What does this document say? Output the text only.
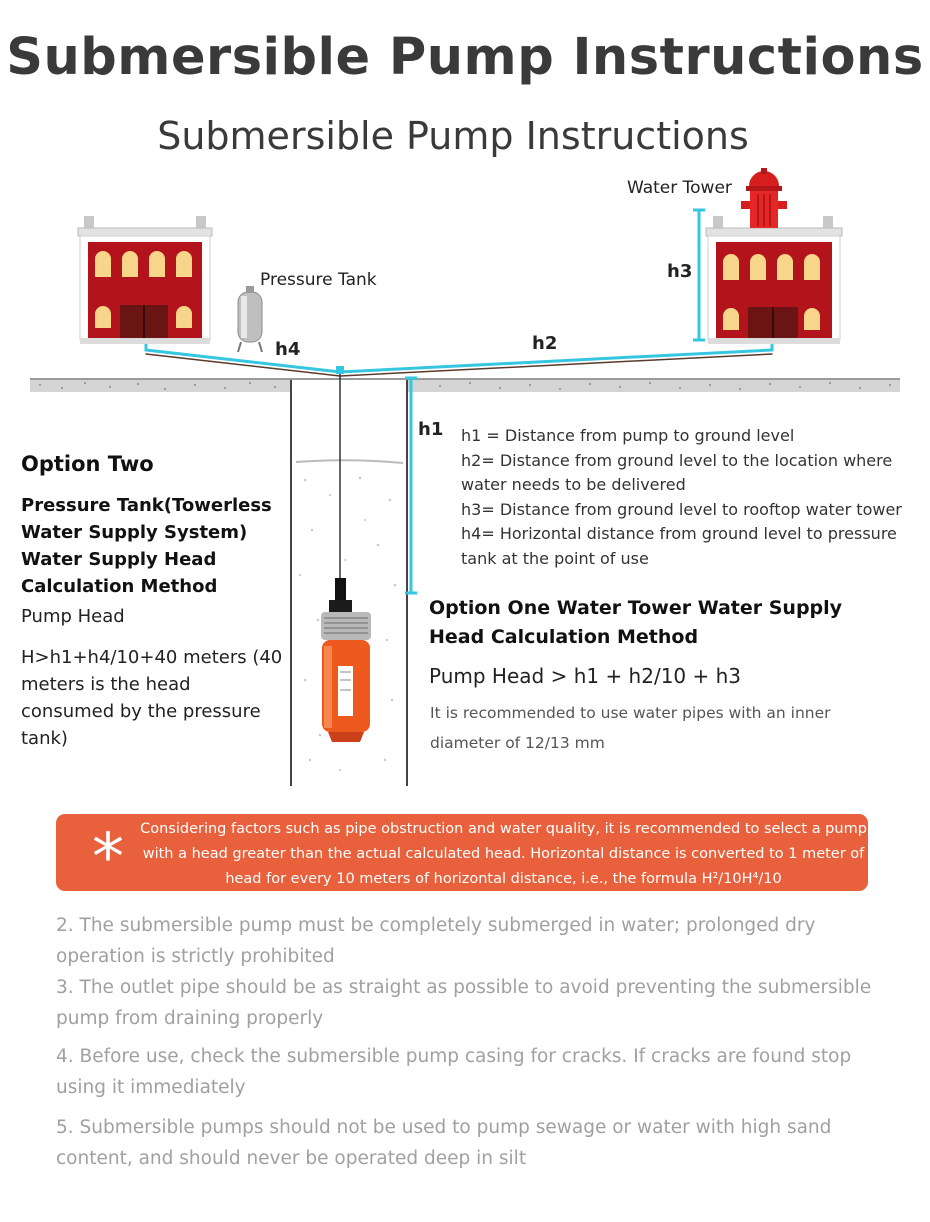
Submersible Pump Instructions
Submersible Pump Instructions
Water Tower
Pressure Tank	h3
h4	h2
h1 h1 = Distance from pump to ground level
h2= Distance from ground level to the location where water needs to be delivered
h3= Distance from ground level to rooftop water tower
h4= Horizontal distance from ground level to pressure tank at the point of use
Option Two
Pressure Tank(Towerless Water Supply System) Water Supply Head Calculation Method
Pump Head
H>h1+h4/10+40 meters (40 meters is the head consumed by the pressure tank)
Option One Water Tower Water Supply Head Calculation Method
Pump Head > h1 + h2/10 + h3
It is recommended to use water pipes with an inner diameter of 12/13 mm
* Considering factors such as pipe obstruction and water quality, it is recommended to select a pump with a head greater than the actual calculated head. Horizontal distance is converted to 1 meter of head for every 10 meters of horizontal distance, i.e., the formula H²/10H⁴/10
2. The submersible pump must be completely submerged in water; prolonged dry operation is strictly prohibited
3. The outlet pipe should be as straight as possible to avoid preventing the submersible pump from draining properly
4. Before use, check the submersible pump casing for cracks. If cracks are found stop using it immediately
5. Submersible pumps should not be used to pump sewage or water with high sand content, and should never be operated deep in silt
